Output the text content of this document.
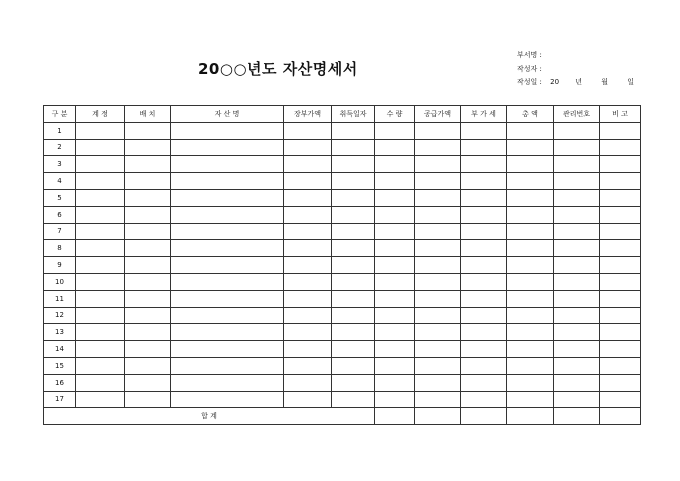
20○○년도 자산명세서
부서명 :
작성자 :
작성일 : 20 년	월	일
구 분	계 정	배 치	자 산 명	장부가액	취득일자	수 량	공급가액	부 가 세	총 액	관리번호	비 고
1											
2											
3											
4											
5											
6											
7											
8											
9											
10											
11											
12											
13											
14											
15											
16											
17											
합 계											
